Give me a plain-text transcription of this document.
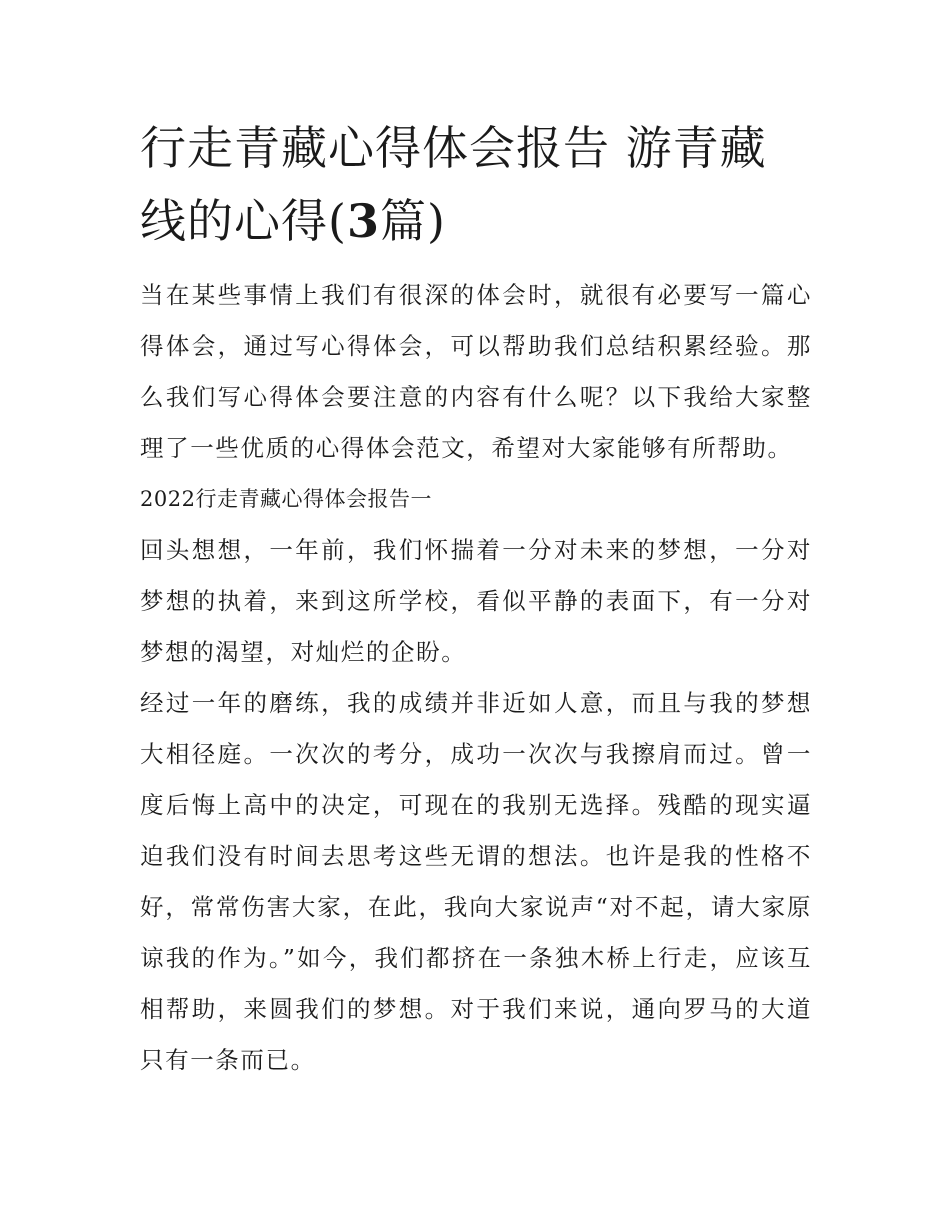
行走青藏心得体会报告 游青藏线的心得(3篇)

当在某些事情上我们有很深的体会时，就很有必要写一篇心得体会，通过写心得体会，可以帮助我们总结积累经验。那么我们写心得体会要注意的内容有什么呢？以下我给大家整理了一些优质的心得体会范文，希望对大家能够有所帮助。

2022行走青藏心得体会报告一

回头想想，一年前，我们怀揣着一分对未来的梦想，一分对梦想的执着，来到这所学校，看似平静的表面下，有一分对梦想的渴望，对灿烂的企盼。

经过一年的磨练，我的成绩并非近如人意，而且与我的梦想大相径庭。一次次的考分，成功一次次与我擦肩而过。曾一度后悔上高中的决定，可现在的我别无选择。残酷的现实逼迫我们没有时间去思考这些无谓的想法。也许是我的性格不好，常常伤害大家，在此，我向大家说声“对不起，请大家原谅我的作为。”如今，我们都挤在一条独木桥上行走，应该互相帮助，来圆我们的梦想。对于我们来说，通向罗马的大道只有一条而已。
